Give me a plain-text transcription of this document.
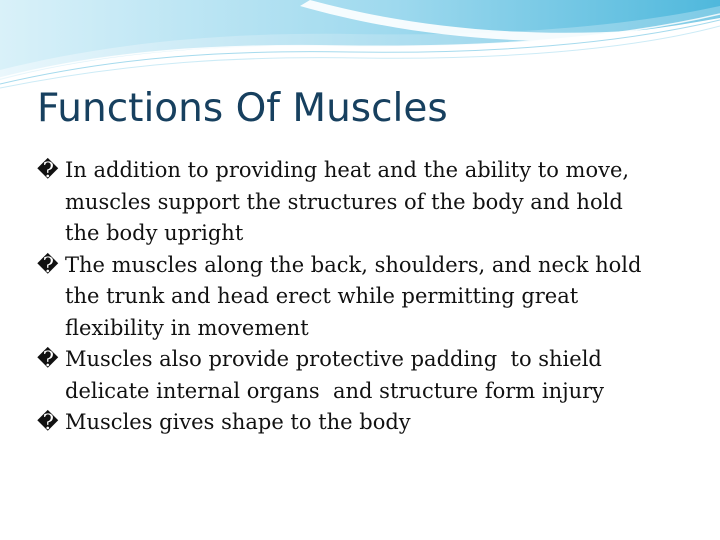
Functions Of Muscles

� In addition to providing heat and the ability to move,
muscles support the structures of the body and hold
the body upright

� The muscles along the back, shoulders, and neck hold
the trunk and head erect while permitting great
flexibility in movement

� Muscles also provide protective padding  to shield
delicate internal organs  and structure form injury

� Muscles gives shape to the body
